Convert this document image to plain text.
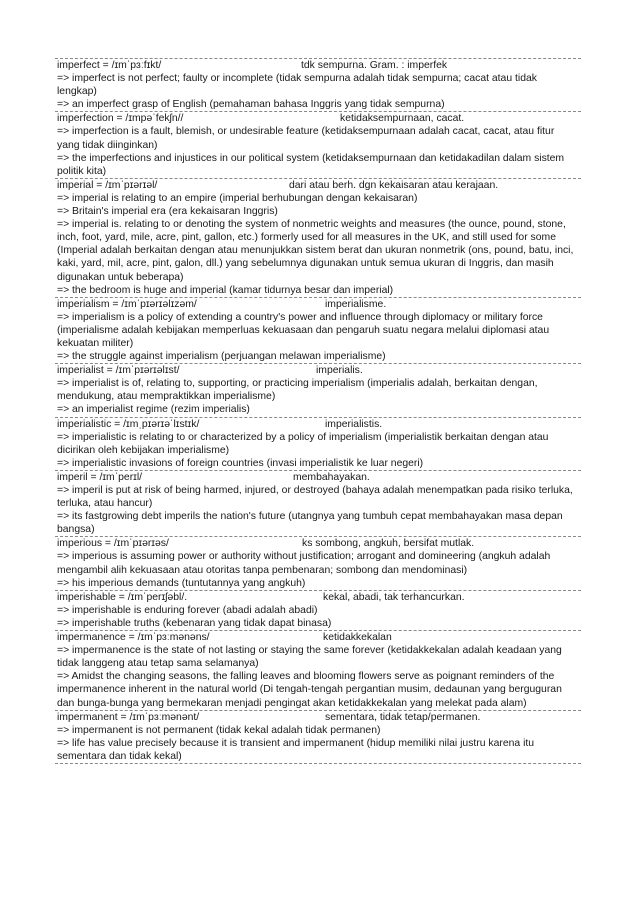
imperfect = /ɪmˈpɜːfɪkt/	tdk sempurna. Gram. : imperfek
=> imperfect is not perfect; faulty or incomplete (tidak sempurna adalah tidak sempurna; cacat atau tidak lengkap)
=> an imperfect grasp of English (pemahaman bahasa Inggris yang tidak sempurna)
imperfection = /ɪmpəˈfekʃn//	ketidaksempurnaan, cacat.
=> imperfection is a fault, blemish, or undesirable feature (ketidaksempurnaan adalah cacat, cacat, atau fitur yang tidak diinginkan)
=> the imperfections and injustices in our political system (ketidaksempurnaan dan ketidakadilan dalam sistem politik kita)
imperial = /ɪmˈpɪərɪəl/	dari atau berh. dgn kekaisaran atau kerajaan.
=> imperial is relating to an empire (imperial berhubungan dengan kekaisaran)
=> Britain's imperial era (era kekaisaran Inggris)
=> imperial is. relating to or denoting the system of nonmetric weights and measures (the ounce, pound, stone, inch, foot, yard, mile, acre, pint, gallon, etc.) formerly used for all measures in the UK, and still used for some (Imperial adalah berkaitan dengan atau menunjukkan sistem berat dan ukuran nonmetrik (ons, pound, batu, inci, kaki, yard, mil, acre, pint, galon, dll.) yang sebelumnya digunakan untuk semua ukuran di Inggris, dan masih digunakan untuk beberapa)
=> the bedroom is huge and imperial (kamar tidurnya besar dan imperial)
imperialism = /ɪmˈpɪərɪəlɪzəm/	imperialisme.
=> imperialism is a policy of extending a country's power and influence through diplomacy or military force (imperialisme adalah kebijakan memperluas kekuasaan dan pengaruh suatu negara melalui diplomasi atau kekuatan militer)
=> the struggle against imperialism (perjuangan melawan imperialisme)
imperialist = /ɪmˈpɪərɪəlɪst/	imperialis.
=> imperialist is of, relating to, supporting, or practicing imperialism (imperialis adalah, berkaitan dengan, mendukung, atau mempraktikkan imperialisme)
=> an imperialist regime (rezim imperialis)
imperialistic = /ɪmˌpɪərɪəˈlɪstɪk/	imperialistis.
=> imperialistic is relating to or characterized by a policy of imperialism (imperialistik berkaitan dengan atau dicirikan oleh kebijakan imperialisme)
=> imperialistic invasions of foreign countries (invasi imperialistik ke luar negeri)
imperil = /ɪmˈperɪl/	membahayakan.
=> imperil is put at risk of being harmed, injured, or destroyed (bahaya adalah menempatkan pada risiko terluka, terluka, atau hancur)
=> its fastgrowing debt imperils the nation's future (utangnya yang tumbuh cepat membahayakan masa depan bangsa)
imperious = /ɪmˈpɪərɪəs/	ks sombong, angkuh, bersifat mutlak.
=> imperious is assuming power or authority without justification; arrogant and domineering (angkuh adalah mengambil alih kekuasaan atau otoritas tanpa pembenaran; sombong dan mendominasi)
=> his imperious demands (tuntutannya yang angkuh)
imperishable = /ɪmˈperɪʃəbl/.	kekal, abadi, tak terhancurkan.
=> imperishable is enduring forever (abadi adalah abadi)
=> imperishable truths (kebenaran yang tidak dapat binasa)
impermanence = /ɪmˈpɜːmənəns/	ketidakkekalan
=> impermanence is the state of not lasting or staying the same forever (ketidakkekalan adalah keadaan yang tidak langgeng atau tetap sama selamanya)
=> Amidst the changing seasons, the falling leaves and blooming flowers serve as poignant reminders of the impermanence inherent in the natural world (Di tengah-tengah pergantian musim, dedaunan yang berguguran dan bunga-bunga yang bermekaran menjadi pengingat akan ketidakkekalan yang melekat pada alam)
impermanent = /ɪmˈpɜːmənənt/	sementara, tidak tetap/permanen.
=> impermanent is not permanent (tidak kekal adalah tidak permanen)
=> life has value precisely because it is transient and impermanent (hidup memiliki nilai justru karena itu sementara dan tidak kekal)
